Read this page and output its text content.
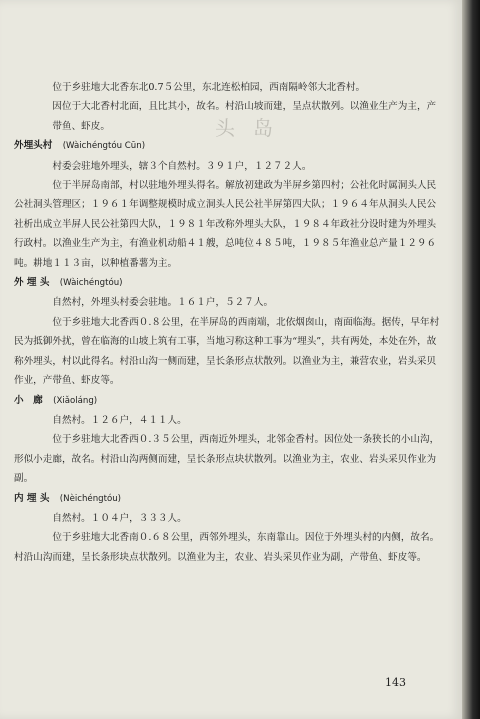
头岛

位于乡驻地大北香东北0.7５公里，东北连松柏园，西南隔岭邻大北香村。

因位于大北香村北面，且比其小，故名。村沿山坡而建，呈点状散列。以渔业生产为主，产带鱼、虾皮。

外埋头村 (Wàichéngtóu Cūn)

村委会驻地外埋头，辖３个自然村。３９１户，１２７２人。

位于半屏岛南部，村以驻地外埋头得名。解放初建政为半屏乡第四村；公社化时属洞头人民公社洞头管理区；１９６１年调整规模时成立洞头人民公社半屏第四大队；１９６４年从洞头人民公社析出成立半屏人民公社第四大队，１９８１年改称外埋头大队，１９８４年政社分设时建为外埋头行政村。以渔业生产为主，有渔业机动船４１艘，总吨位４８５吨，１９８５年渔业总产量１２９６吨。耕地１１３亩，以种植番薯为主。

外 埋 头 (Wàichéngtóu)

自然村，外埋头村委会驻地。１６１户，５２７人。

位于乡驻地大北香西０.８公里，在半屏岛的西南端，北依烟囱山，南面临海。据传，早年村民为抵御外扰，曾在临海的山坡上筑有工事，当地习称这种工事为“埋头”，共有两处，本处在外，故称外埋头，村以此得名。村沿山沟一侧而建，呈长条形点状散列。以渔业为主，兼营农业，岩头采贝作业，产带鱼、虾皮等。

小　廊 (Xiǎoláng)

自然村。１２６户，４１１人。

位于乡驻地大北香西０.３５公里，西南近外埋头，北邻金香村。因位处一条狭长的小山沟，形似小走廊，故名。村沿山沟两侧而建，呈长条形点块状散列。以渔业为主，农业、岩头采贝作业为副。

内 埋 头 (Nèichéngtóu)

自然村。１０４户，３３３人。

位于乡驻地大北香南０.６８公里，西邻外埋头，东南靠山。因位于外埋头村的内侧，故名。村沿山沟而建，呈长条形块点状散列。以渔业为主，农业、岩头采贝作业为副，产带鱼、虾皮等。

143
